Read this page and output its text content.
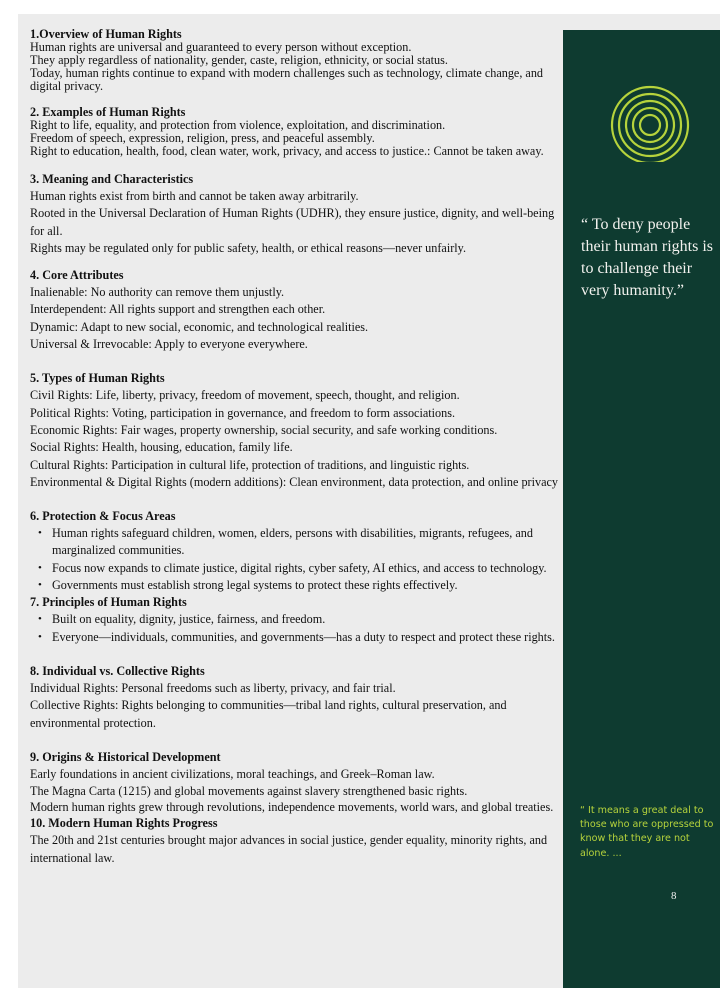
1.Overview of Human Rights
Human rights are universal and guaranteed to every person without exception.
They apply regardless of nationality, gender, caste, religion, ethnicity, or social status.
Today, human rights continue to expand with modern challenges such as technology, climate change, and digital privacy.
2. Examples of Human Rights
Right to life, equality, and protection from violence, exploitation, and discrimination.
Freedom of speech, expression, religion, press, and peaceful assembly.
Right to education, health, food, clean water, work, privacy, and access to justice.: Cannot be taken away.
3. Meaning and Characteristics
Human rights exist from birth and cannot be taken away arbitrarily.
Rooted in the Universal Declaration of Human Rights (UDHR), they ensure justice, dignity, and well-being for all.
Rights may be regulated only for public safety, health, or ethical reasons—never unfairly.
4. Core Attributes
Inalienable: No authority can remove them unjustly.
Interdependent: All rights support and strengthen each other.
Dynamic: Adapt to new social, economic, and technological realities.
Universal & Irrevocable: Apply to everyone everywhere.
5. Types of Human Rights
Civil Rights: Life, liberty, privacy, freedom of movement, speech, thought, and religion.
Political Rights: Voting, participation in governance, and freedom to form associations.
Economic Rights: Fair wages, property ownership, social security, and safe working conditions.
Social Rights: Health, housing, education, family life.
Cultural Rights: Participation in cultural life, protection of traditions, and linguistic rights.
Environmental & Digital Rights (modern additions): Clean environment, data protection, and online privacy
6. Protection & Focus Areas
• Human rights safeguard children, women, elders, persons with disabilities, migrants, refugees, and marginalized communities.
• Focus now expands to climate justice, digital rights, cyber safety, AI ethics, and access to technology.
• Governments must establish strong legal systems to protect these rights effectively.
7. Principles of Human Rights
• Built on equality, dignity, justice, fairness, and freedom.
• Everyone—individuals, communities, and governments—has a duty to respect and protect these rights.
8. Individual vs. Collective Rights
Individual Rights: Personal freedoms such as liberty, privacy, and fair trial.
Collective Rights: Rights belonging to communities—tribal land rights, cultural preservation, and environmental protection.
9. Origins & Historical Development
Early foundations in ancient civilizations, moral teachings, and Greek–Roman law.
The Magna Carta (1215) and global movements against slavery strengthened basic rights.
Modern human rights grew through revolutions, independence movements, world wars, and global treaties.
10. Modern Human Rights Progress
The 20th and 21st centuries brought major advances in social justice, gender equality, minority rights, and international law.
“ To deny people their human rights is to challenge their very humanity.”
“ It means a great deal to those who are oppressed to know that they are not alone. ...
8
